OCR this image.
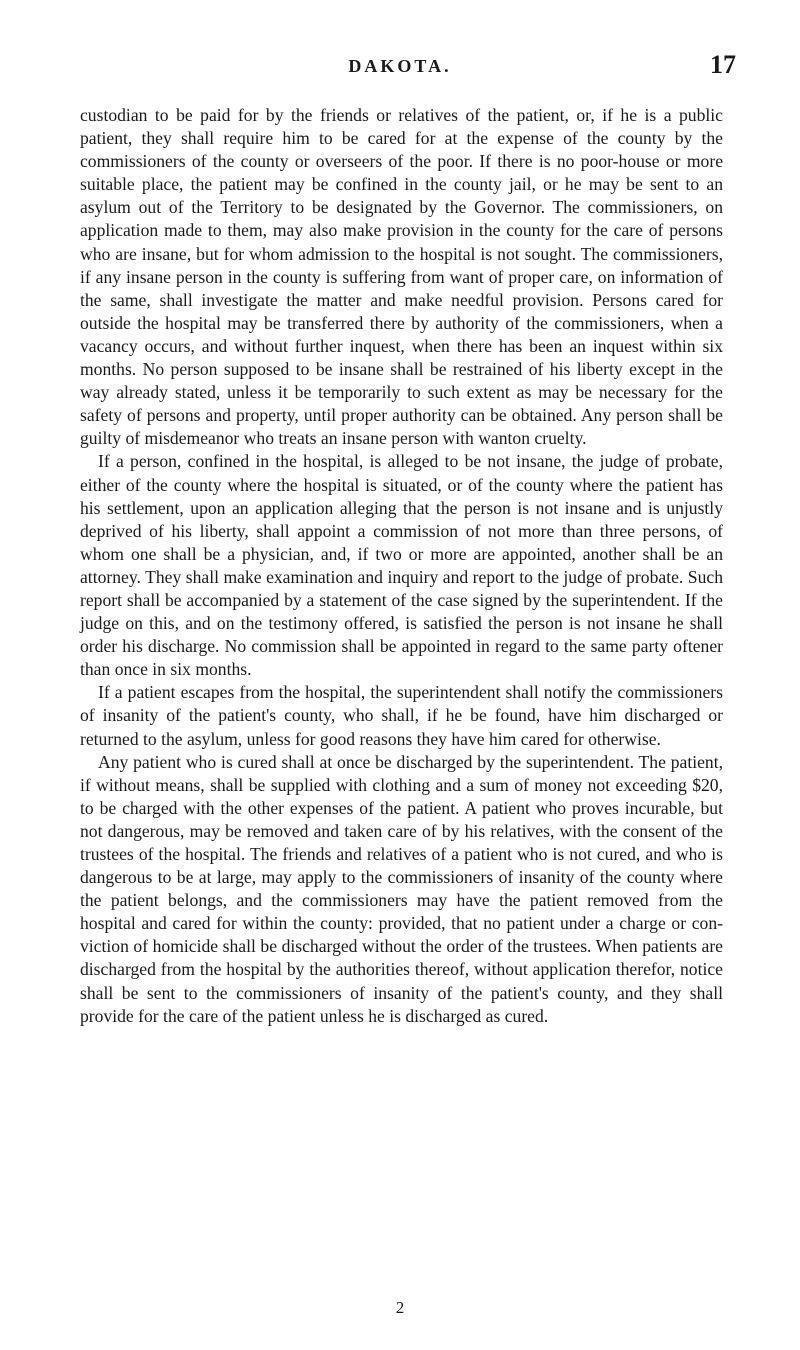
DAKOTA.	17

custodian to be paid for by the friends or relatives of the patient, or, if he is a public patient, they shall require him to be cared for at the expense of the county by the commissioners of the county or overseers of the poor. If there is no poor-house or more suitable place, the patient may be confined in the county jail, or he may be sent to an asylum out of the Territory to be designated by the Governor. The commissioners, on application made to them, may also make provision in the county for the care of persons who are insane, but for whom admission to the hospital is not sought. The commissioners, if any insane person in the county is suffering from want of proper care, on information of the same, shall investigate the matter and make needful provision. Persons cared for outside the hospital may be transferred there by authority of the commissioners, when a vacancy occurs, and without further inquest, when there has been an inquest within six months. No person supposed to be insane shall be restrained of his liberty except in the way already stated, unless it be temporarily to such extent as may be necessary for the safety of persons and property, until proper authority can be obtained. Any person shall be guilty of misdemeanor who treats an insane person with wanton cruelty.

If a person, confined in the hospital, is alleged to be not insane, the judge of probate, either of the county where the hospital is situated, or of the county where the patient has his settlement, upon an application alleging that the person is not insane and is unjustly deprived of his liberty, shall appoint a commission of not more than three persons, of whom one shall be a physician, and, if two or more are appointed, another shall be an attorney. They shall make examination and inquiry and report to the judge of probate. Such report shall be accompanied by a statement of the case signed by the superintendent. If the judge on this, and on the testimony offered, is satisfied the person is not insane he shall order his discharge. No commission shall be appointed in regard to the same party oftener than once in six months.

If a patient escapes from the hospital, the superintendent shall notify the commissioners of insanity of the patient's county, who shall, if he be found, have him discharged or returned to the asylum, unless for good reasons they have him cared for otherwise.

Any patient who is cured shall at once be discharged by the superintendent. The patient, if without means, shall be supplied with clothing and a sum of money not exceeding $20, to be charged with the other expenses of the patient. A patient who proves incurable, but not dangerous, may be removed and taken care of by his relatives, with the consent of the trustees of the hospital. The friends and relatives of a patient who is not cured, and who is dangerous to be at large, may apply to the commissioners of insanity of the county where the patient belongs, and the commissioners may have the patient removed from the hospital and cared for within the county: provided, that no patient under a charge or conviction of homicide shall be discharged without the order of the trustees. When patients are discharged from the hospital by the authorities thereof, without application therefor, notice shall be sent to the commissioners of insanity of the patient's county, and they shall provide for the care of the patient unless he is discharged as cured.

2
